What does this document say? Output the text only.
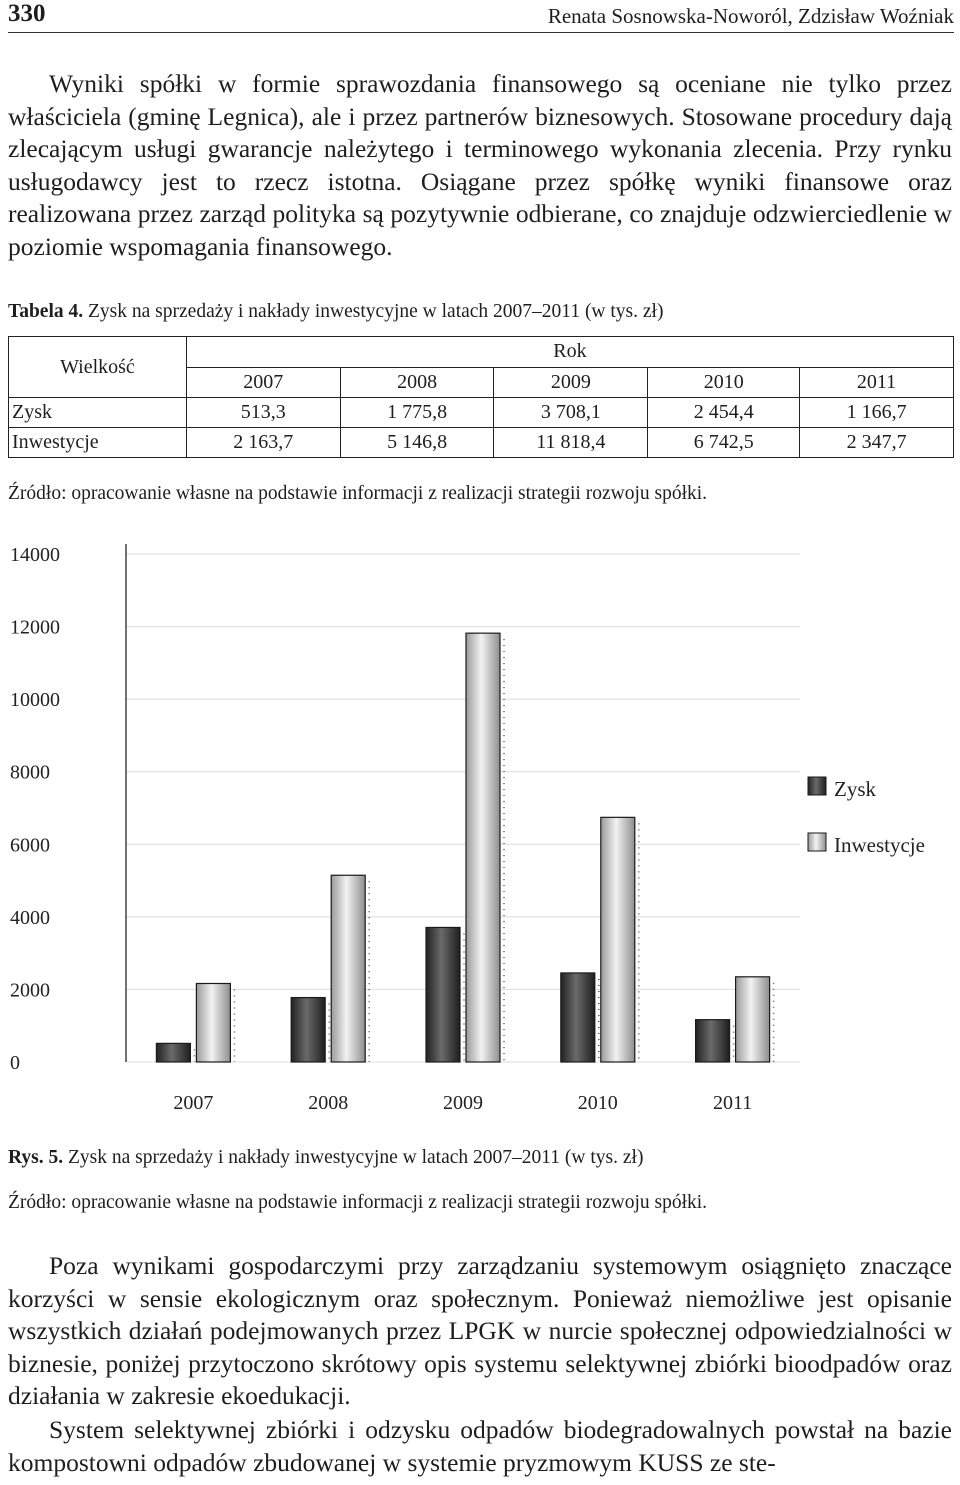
330	Renata Sosnowska-Noworól, Zdzisław Woźniak

Wyniki spółki w formie sprawozdania finansowego są oceniane nie tylko przez właściciela (gminę Legnica), ale i przez partnerów biznesowych. Stosowane procedury dają zlecającym usługi gwarancje należytego i terminowego wykonania zlecenia. Przy rynku usługodawcy jest to rzecz istotna. Osiągane przez spółkę wyniki finansowe oraz realizowana przez zarząd polityka są pozytywnie odbierane, co znajduje odzwierciedlenie w poziomie wspomagania finansowego.

Tabela 4. Zysk na sprzedaży i nakłady inwestycyjne w latach 2007–2011 (w tys. zł)
Wielkość	Rok				
	2007	2008	2009	2010	2011
Zysk	513,3	1 775,8	3 708,1	2 454,4	1 166,7
Inwestycje	2 163,7	5 146,8	11 818,4	6 742,5	2 347,7
Źródło: opracowanie własne na podstawie informacji z realizacji strategii rozwoju spółki.
0
2000
4000
6000
8000
10000
12000
14000
2007	2008	2009	2010	2011
Zysk
Inwestycje
Rys. 5. Zysk na sprzedaży i nakłady inwestycyjne w latach 2007–2011 (w tys. zł)
Źródło: opracowanie własne na podstawie informacji z realizacji strategii rozwoju spółki.

Poza wynikami gospodarczymi przy zarządzaniu systemowym osiągnięto znaczące korzyści w sensie ekologicznym oraz społecznym. Ponieważ niemożliwe jest opisanie wszystkich działań podejmowanych przez LPGK w nurcie społecznej odpowiedzialności w biznesie, poniżej przytoczono skrótowy opis systemu selektywnej zbiórki bioodpadów oraz działania w zakresie ekoedukacji.

System selektywnej zbiórki i odzysku odpadów biodegradowalnych powstał na bazie kompostowni odpadów zbudowanej w systemie pryzmowym KUSS ze ste-
